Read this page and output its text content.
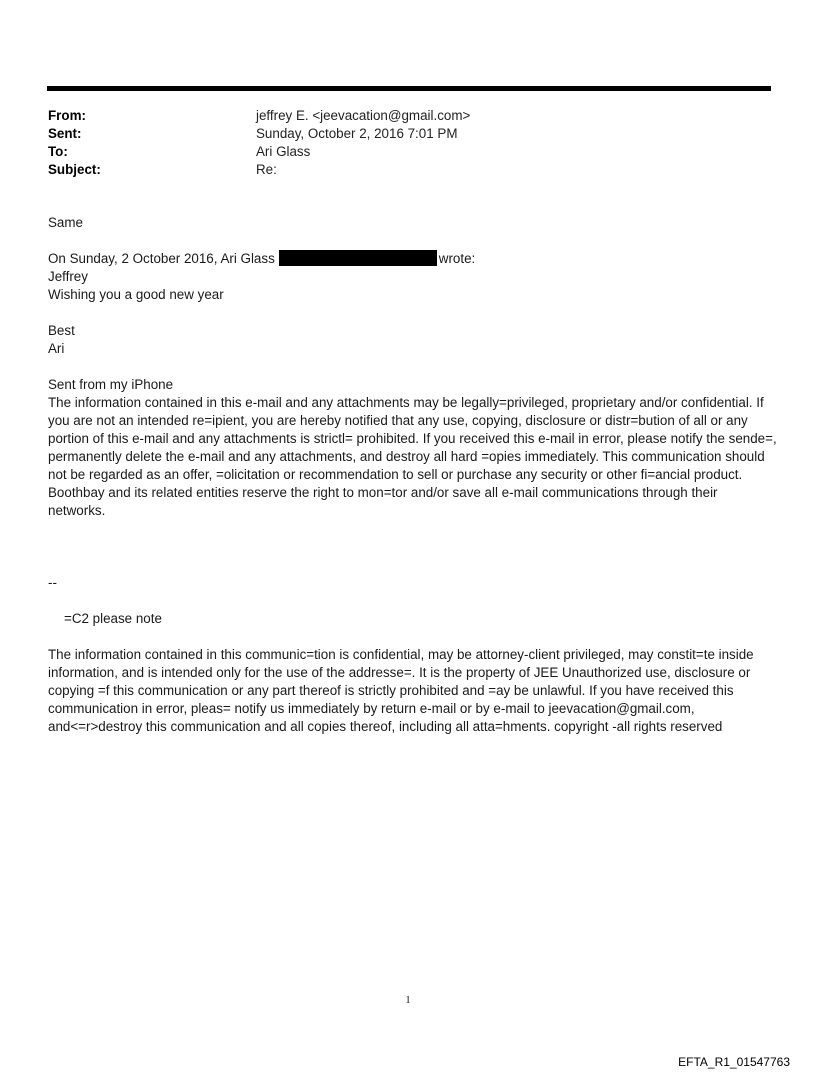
From:	jeffrey E. <jeevacation@gmail.com>
Sent:	Sunday, October 2, 2016 7:01 PM
To:	Ari Glass
Subject:	Re:

Same

On Sunday, 2 October 2016, Ari Glass	wrote:

Jeffrey

Wishing you a good new year

Best

Ari

Sent from my iPhone

The information contained in this e-mail and any attachments may be legally=privileged, proprietary and/or confidential. If you are not an intended re=ipient, you are hereby notified that any use, copying, disclosure or distr=bution of all or any portion of this e-mail and any attachments is strictl= prohibited. If you received this e-mail in error, please notify the sende=, permanently delete the e-mail and any attachments, and destroy all hard =opies immediately. This communication should not be regarded as an offer, =olicitation or recommendation to sell or purchase any security or other fi=ancial product. Boothbay and its related entities reserve the right to mon=tor and/or save all e-mail communications through their networks.

--

=C2 please note

The information contained in this communic=tion is confidential, may be attorney-client privileged, may constit=te inside information, and is intended only for the use of the addresse=. It is the property of JEE Unauthorized use, disclosure or copying =f this communication or any part thereof is strictly prohibited and =ay be unlawful. If you have received this communication in error, pleas= notify us immediately by return e-mail or by e-mail to jeevacation@gmail.com, and<=r>destroy this communication and all copies thereof, including all atta=hments. copyright -all rights reserved

1
EFTA_R1_01547763
